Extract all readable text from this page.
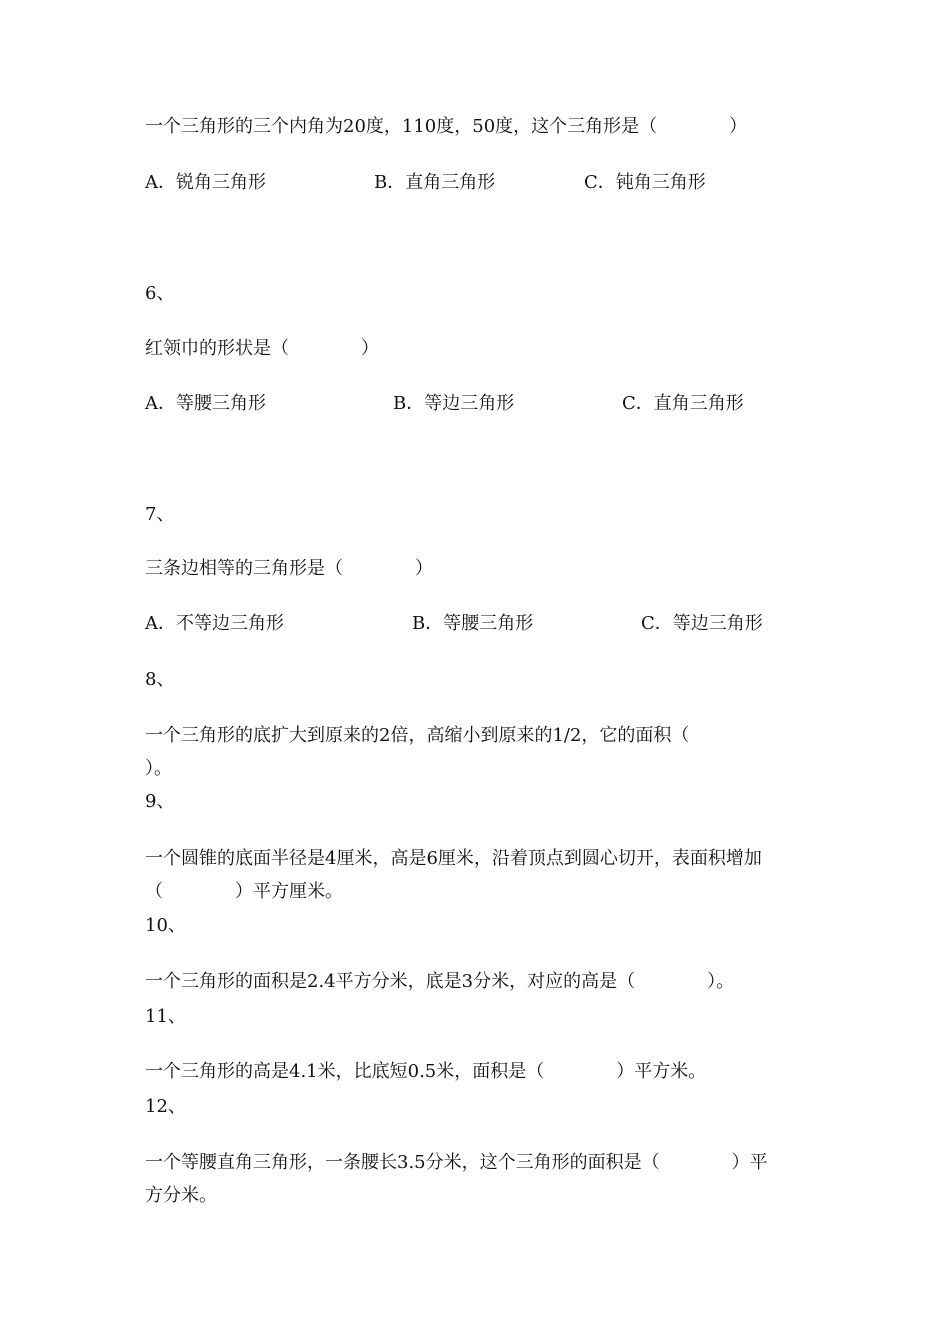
一个三角形的三个内角为20度，110度，50度，这个三角形是（　　　　）
A．锐角三角形	B．直角三角形	C．钝角三角形
6、
红领巾的形状是（　　　　）
A．等腰三角形	B．等边三角形	C．直角三角形
7、
三条边相等的三角形是（　　　　）
A．不等边三角形	B．等腰三角形	C．等边三角形
8、
一个三角形的底扩大到原来的2倍，高缩小到原来的1/2，它的面积（
）。
9、
一个圆锥的底面半径是4厘米，高是6厘米，沿着顶点到圆心切开，表面积增加
（　　　　）平方厘米。
10、
一个三角形的面积是2.4平方分米，底是3分米，对应的高是（　　　　）。
11、
一个三角形的高是4.1米，比底短0.5米，面积是（　　　　）平方米。
12、
一个等腰直角三角形，一条腰长3.5分米，这个三角形的面积是（　　　　）平
方分米。
